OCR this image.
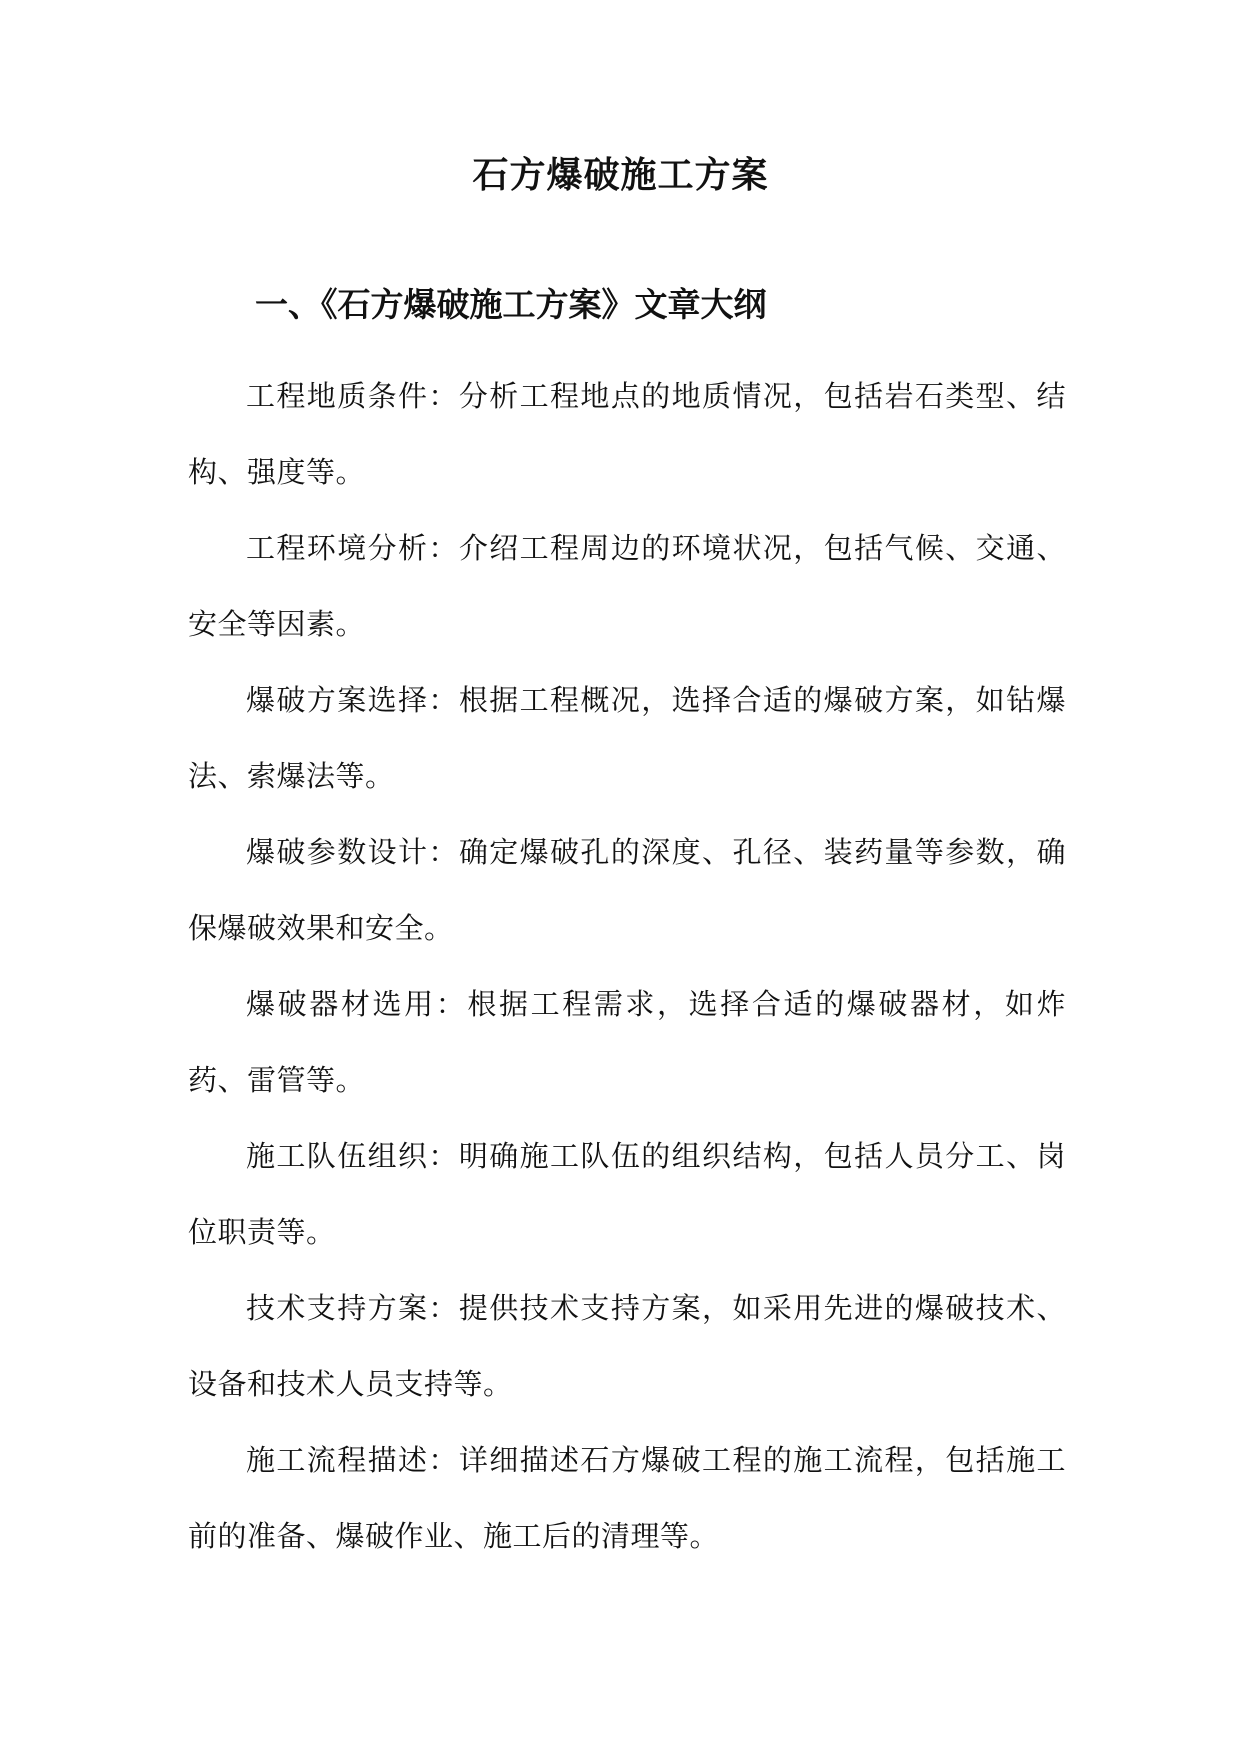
石方爆破施工方案
一、《石方爆破施工方案》文章大纲

工程地质条件：分析工程地点的地质情况，包括岩石类型、结构、强度等。

工程环境分析：介绍工程周边的环境状况，包括气候、交通、安全等因素。

爆破方案选择：根据工程概况，选择合适的爆破方案，如钻爆法、索爆法等。

爆破参数设计：确定爆破孔的深度、孔径、装药量等参数，确保爆破效果和安全。

爆破器材选用：根据工程需求，选择合适的爆破器材，如炸药、雷管等。

施工队伍组织：明确施工队伍的组织结构，包括人员分工、岗位职责等。

技术支持方案：提供技术支持方案，如采用先进的爆破技术、设备和技术人员支持等。

施工流程描述：详细描述石方爆破工程的施工流程，包括施工前的准备、爆破作业、施工后的清理等。
